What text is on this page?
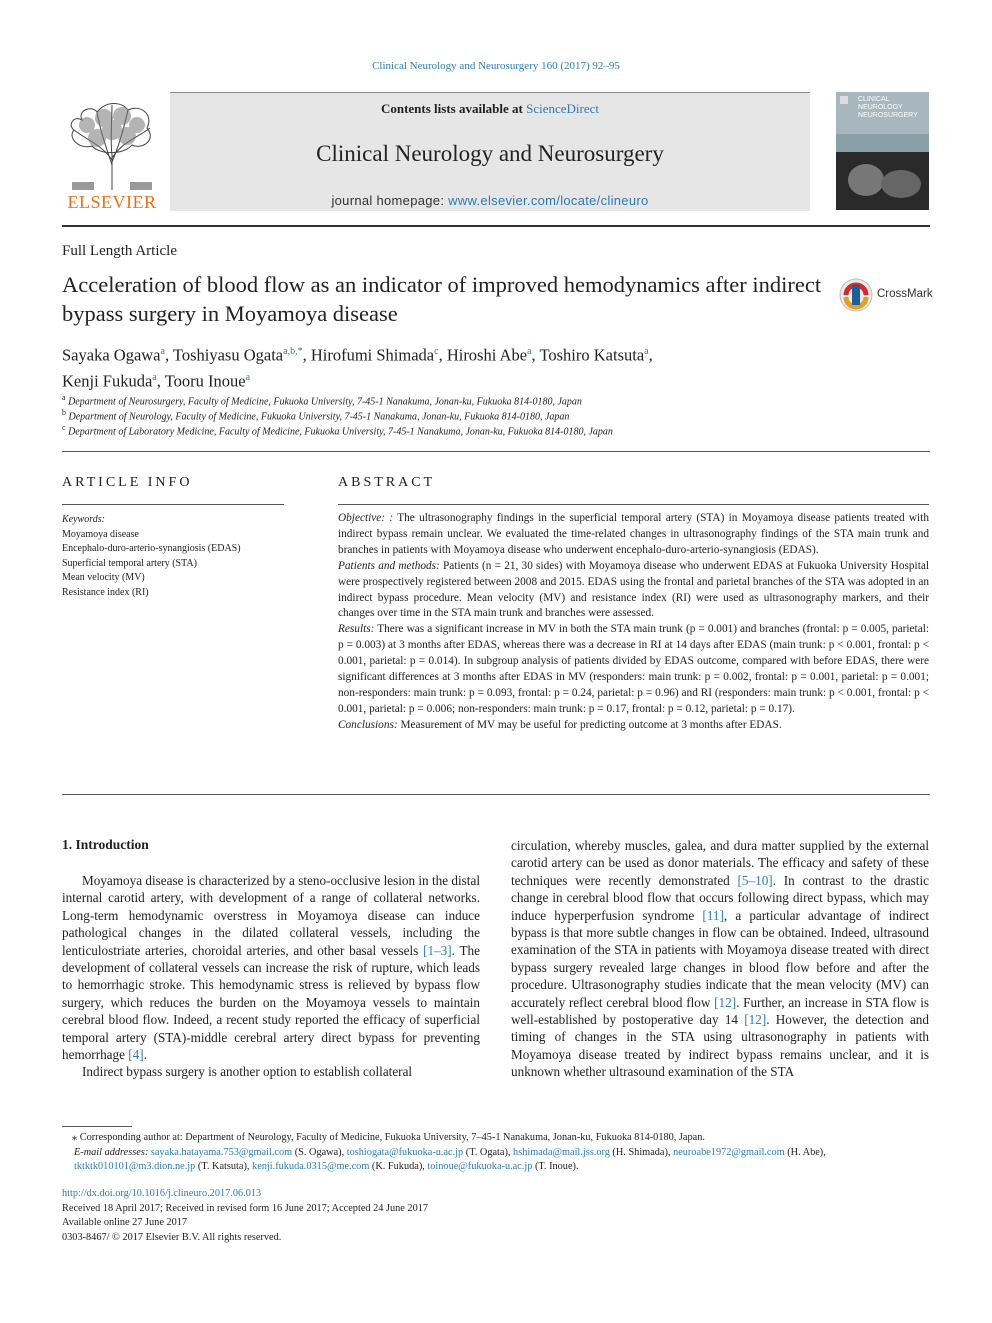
Clinical Neurology and Neurosurgery 160 (2017) 92–95
ELSEVIER
Contents lists available at ScienceDirect
Clinical Neurology and Neurosurgery
journal homepage: www.elsevier.com/locate/clineuro
CLINICAL
NEUROLOGY
NEUROSURGERY
Full Length Article
Acceleration of blood flow as an indicator of improved hemodynamics after indirect bypass surgery in Moyamoya disease
CrossMark
Sayaka Ogawa$^a$, Toshiyasu Ogata$^{a,b,*}$, Hirofumi Shimada$^c$, Hiroshi Abe$^a$, Toshiro Katsuta$^a$,
Kenji Fukuda$^a$, Tooru Inoue$^a$
$^a$ Department of Neurosurgery, Faculty of Medicine, Fukuoka University, 7-45-1 Nanakuma, Jonan-ku, Fukuoka 814-0180, Japan
$^b$ Department of Neurology, Faculty of Medicine, Fukuoka University, 7-45-1 Nanakuma, Jonan-ku, Fukuoka 814-0180, Japan
$^c$ Department of Laboratory Medicine, Faculty of Medicine, Fukuoka University, 7-45-1 Nanakuma, Jonan-ku, Fukuoka 814-0180, Japan
ARTICLE INFO
Keywords:
Moyamoya disease
Encephalo-duro-arterio-synangiosis (EDAS)
Superficial temporal artery (STA)
Mean velocity (MV)
Resistance index (RI)
ABSTRACT

Objective: : The ultrasonography findings in the superficial temporal artery (STA) in Moyamoya disease patients treated with indirect bypass remain unclear. We evaluated the time-related changes in ultrasonography findings of the STA main trunk and branches in patients with Moyamoya disease who underwent encephalo-duro-arterio-synangiosis (EDAS).

Patients and methods: Patients (n = 21, 30 sides) with Moyamoya disease who underwent EDAS at Fukuoka University Hospital were prospectively registered between 2008 and 2015. EDAS using the frontal and parietal branches of the STA was adopted in an indirect bypass procedure. Mean velocity (MV) and resistance index (RI) were used as ultrasonography markers, and their changes over time in the STA main trunk and branches were assessed.

Results: There was a significant increase in MV in both the STA main trunk (p = 0.001) and branches (frontal: p = 0.005, parietal: p = 0.003) at 3 months after EDAS, whereas there was a decrease in RI at 14 days after EDAS (main trunk: p < 0.001, frontal: p < 0.001, parietal: p = 0.014). In subgroup analysis of patients divided by EDAS outcome, compared with before EDAS, there were significant differences at 3 months after EDAS in MV (responders: main trunk: p = 0.002, frontal: p = 0.001, parietal: p = 0.001; non-responders: main trunk: p = 0.093, frontal: p = 0.24, parietal: p = 0.96) and RI (responders: main trunk: p < 0.001, frontal: p < 0.001, parietal: p = 0.006; non-responders: main trunk: p = 0.17, frontal: p = 0.12, parietal: p = 0.17).

Conclusions: Measurement of MV may be useful for predicting outcome at 3 months after EDAS.

1. Introduction

Moyamoya disease is characterized by a steno-occlusive lesion in the distal internal carotid artery, with development of a range of collateral networks. Long-term hemodynamic overstress in Moyamoya disease can induce pathological changes in the dilated collateral vessels, including the lenticulostriate arteries, choroidal arteries, and other basal vessels [1–3]. The development of collateral vessels can increase the risk of rupture, which leads to hemorrhagic stroke. This hemodynamic stress is relieved by bypass flow surgery, which reduces the burden on the Moyamoya vessels to maintain cerebral blood flow. Indeed, a recent study reported the efficacy of superficial temporal artery (STA)-middle cerebral artery direct bypass for preventing hemorrhage [4].

Indirect bypass surgery is another option to establish collateral

circulation, whereby muscles, galea, and dura matter supplied by the external carotid artery can be used as donor materials. The efficacy and safety of these techniques were recently demonstrated [5–10]. In contrast to the drastic change in cerebral blood flow that occurs following direct bypass, which may induce hyperperfusion syndrome [11], a particular advantage of indirect bypass is that more subtle changes in flow can be obtained. Indeed, ultrasound examination of the STA in patients with Moyamoya disease treated with direct bypass surgery revealed large changes in blood flow before and after the procedure. Ultrasonography studies indicate that the mean velocity (MV) can accurately reflect cerebral blood flow [12]. Further, an increase in STA flow is well-established by postoperative day 14 [12]. However, the detection and timing of changes in the STA using ultrasonography in patients with Moyamoya disease treated by indirect bypass remains unclear, and it is unknown whether ultrasound examination of the STA

⁎ Corresponding author at: Department of Neurology, Faculty of Medicine, Fukuoka University, 7–45-1 Nanakuma, Jonan-ku, Fukuoka 814-0180, Japan.
E-mail addresses: sayaka.hatayama.753@gmail.com (S. Ogawa), toshiogata@fukuoka-u.ac.jp (T. Ogata), hshimada@mail.jss.org (H. Shimada), neuroabe1972@gmail.com (H. Abe), tktktk010101@m3.dion.ne.jp (T. Katsuta), kenji.fukuda.0315@me.com (K. Fukuda), toinoue@fukuoka-u.ac.jp (T. Inoue).
http://dx.doi.org/10.1016/j.clineuro.2017.06.013
Received 18 April 2017; Received in revised form 16 June 2017; Accepted 24 June 2017
Available online 27 June 2017
0303-8467/ © 2017 Elsevier B.V. All rights reserved.
